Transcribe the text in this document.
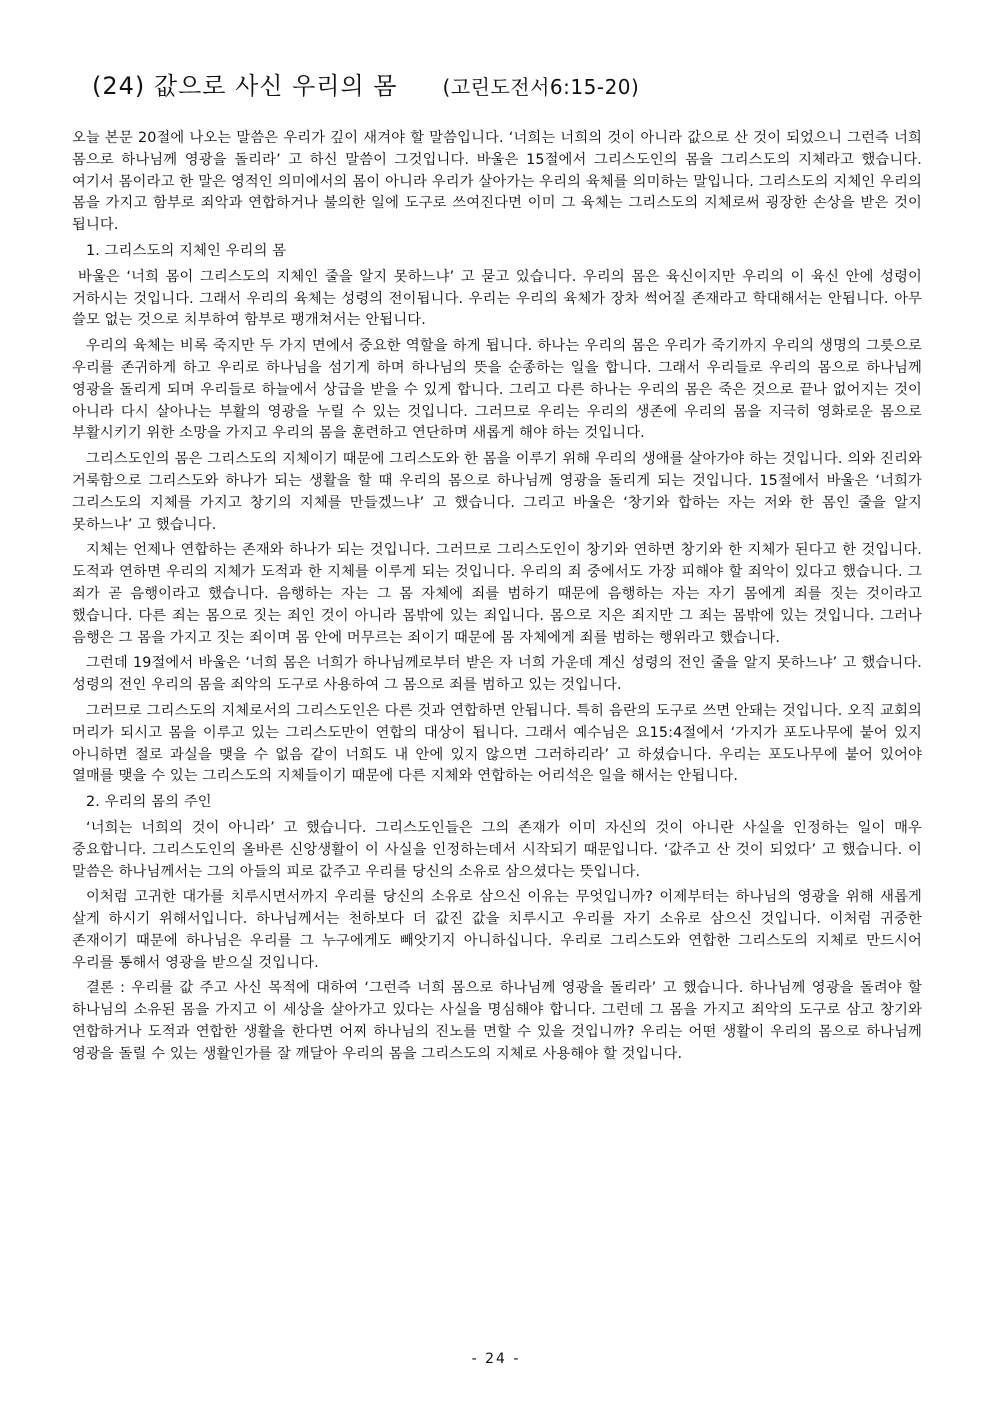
(24) 값으로 사신 우리의 몸 (고린도전서6:15-20)

오늘 본문 20절에 나오는 말씀은 우리가 깊이 새겨야 할 말씀입니다. ‘너희는 너희의 것이 아니라 값으로 산 것이 되었으니 그런즉 너희 몸으로 하나님께 영광을 돌리라’ 고 하신 말씀이 그것입니다. 바울은 15절에서 그리스도인의 몸을 그리스도의 지체라고 했습니다. 여기서 몸이라고 한 말은 영적인 의미에서의 몸이 아니라 우리가 살아가는 우리의 육체를 의미하는 말입니다. 그리스도의 지체인 우리의 몸을 가지고 함부로 죄악과 연합하거나 불의한 일에 도구로 쓰여진다면 이미 그 육체는 그리스도의 지체로써 굉장한 손상을 받은 것이 됩니다.

1. 그리스도의 지체인 우리의 몸

바울은 ‘너희 몸이 그리스도의 지체인 줄을 알지 못하느냐’ 고 묻고 있습니다. 우리의 몸은 육신이지만 우리의 이 육신 안에 성령이 거하시는 것입니다. 그래서 우리의 육체는 성령의 전이됩니다. 우리는 우리의 육체가 장차 썩어질 존재라고 학대해서는 안됩니다. 아무 쓸모 없는 것으로 치부하여 함부로 팽개쳐서는 안됩니다.

우리의 육체는 비록 죽지만 두 가지 면에서 중요한 역할을 하게 됩니다. 하나는 우리의 몸은 우리가 죽기까지 우리의 생명의 그릇으로 우리를 존귀하게 하고 우리로 하나님을 섬기게 하며 하나님의 뜻을 순종하는 일을 합니다. 그래서 우리들로 우리의 몸으로 하나님께 영광을 돌리게 되며 우리들로 하늘에서 상급을 받을 수 있게 합니다. 그리고 다른 하나는 우리의 몸은 죽은 것으로 끝나 없어지는 것이 아니라 다시 살아나는 부활의 영광을 누릴 수 있는 것입니다. 그러므로 우리는 우리의 생존에 우리의 몸을 지극히 영화로운 몸으로 부활시키기 위한 소망을 가지고 우리의 몸을 훈련하고 연단하며 새롭게 해야 하는 것입니다.

그리스도인의 몸은 그리스도의 지체이기 때문에 그리스도와 한 몸을 이루기 위해 우리의 생애를 살아가야 하는 것입니다. 의와 진리와 거룩함으로 그리스도와 하나가 되는 생활을 할 때 우리의 몸으로 하나님께 영광을 돌리게 되는 것입니다. 15절에서 바울은 ‘너희가 그리스도의 지체를 가지고 창기의 지체를 만들겠느냐’ 고 했습니다. 그리고 바울은 ‘창기와 합하는 자는 저와 한 몸인 줄을 알지 못하느냐’ 고 했습니다.

지체는 언제나 연합하는 존재와 하나가 되는 것입니다. 그러므로 그리스도인이 창기와 연하면 창기와 한 지체가 된다고 한 것입니다. 도적과 연하면 우리의 지체가 도적과 한 지체를 이루게 되는 것입니다. 우리의 죄 중에서도 가장 피해야 할 죄악이 있다고 했습니다. 그 죄가 곧 음행이라고 했습니다. 음행하는 자는 그 몸 자체에 죄를 범하기 때문에 음행하는 자는 자기 몸에게 죄를 짓는 것이라고 했습니다. 다른 죄는 몸으로 짓는 죄인 것이 아니라 몸밖에 있는 죄입니다. 몸으로 지은 죄지만 그 죄는 몸밖에 있는 것입니다. 그러나 음행은 그 몸을 가지고 짓는 죄이며 몸 안에 머무르는 죄이기 때문에 몸 자체에게 죄를 범하는 행위라고 했습니다.

그런데 19절에서 바울은 ‘너희 몸은 너희가 하나님께로부터 받은 자 너희 가운데 계신 성령의 전인 줄을 알지 못하느냐’ 고 했습니다. 성령의 전인 우리의 몸을 죄악의 도구로 사용하여 그 몸으로 죄를 범하고 있는 것입니다.

그러므로 그리스도의 지체로서의 그리스도인은 다른 것과 연합하면 안됩니다. 특히 음란의 도구로 쓰면 안돼는 것입니다. 오직 교회의 머리가 되시고 몸을 이루고 있는 그리스도만이 연합의 대상이 됩니다. 그래서 예수님은 요15:4절에서 ‘가지가 포도나무에 붙어 있지 아니하면 절로 과실을 맺을 수 없음 같이 너희도 내 안에 있지 않으면 그러하리라’ 고 하셨습니다. 우리는 포도나무에 붙어 있어야 열매를 맺을 수 있는 그리스도의 지체들이기 때문에 다른 지체와 연합하는 어리석은 일을 해서는 안됩니다.

2. 우리의 몸의 주인

‘너희는 너희의 것이 아니라’ 고 했습니다. 그리스도인들은 그의 존재가 이미 자신의 것이 아니란 사실을 인정하는 일이 매우 중요합니다. 그리스도인의 올바른 신앙생활이 이 사실을 인정하는데서 시작되기 때문입니다. ‘값주고 산 것이 되었다’ 고 했습니다. 이 말씀은 하나님께서는 그의 아들의 피로 값주고 우리를 당신의 소유로 삼으셨다는 뜻입니다.

이처럼 고귀한 대가를 치루시면서까지 우리를 당신의 소유로 삼으신 이유는 무엇입니까? 이제부터는 하나님의 영광을 위해 새롭게 살게 하시기 위해서입니다. 하나님께서는 천하보다 더 값진 값을 치루시고 우리를 자기 소유로 삼으신 것입니다. 이처럼 귀중한 존재이기 때문에 하나님은 우리를 그 누구에게도 빼앗기지 아니하십니다. 우리로 그리스도와 연합한 그리스도의 지체로 만드시어 우리를 통해서 영광을 받으실 것입니다.

결론 : 우리를 값 주고 사신 목적에 대하여 ‘그런즉 너희 몸으로 하나님께 영광을 돌리라’ 고 했습니다. 하나님께 영광을 돌려야 할 하나님의 소유된 몸을 가지고 이 세상을 살아가고 있다는 사실을 명심해야 합니다. 그런데 그 몸을 가지고 죄악의 도구로 삼고 창기와 연합하거나 도적과 연합한 생활을 한다면 어찌 하나님의 진노를 면할 수 있을 것입니까? 우리는 어떤 생활이 우리의 몸으로 하나님께 영광을 돌릴 수 있는 생활인가를 잘 깨달아 우리의 몸을 그리스도의 지체로 사용해야 할 것입니다.

- 24 -
